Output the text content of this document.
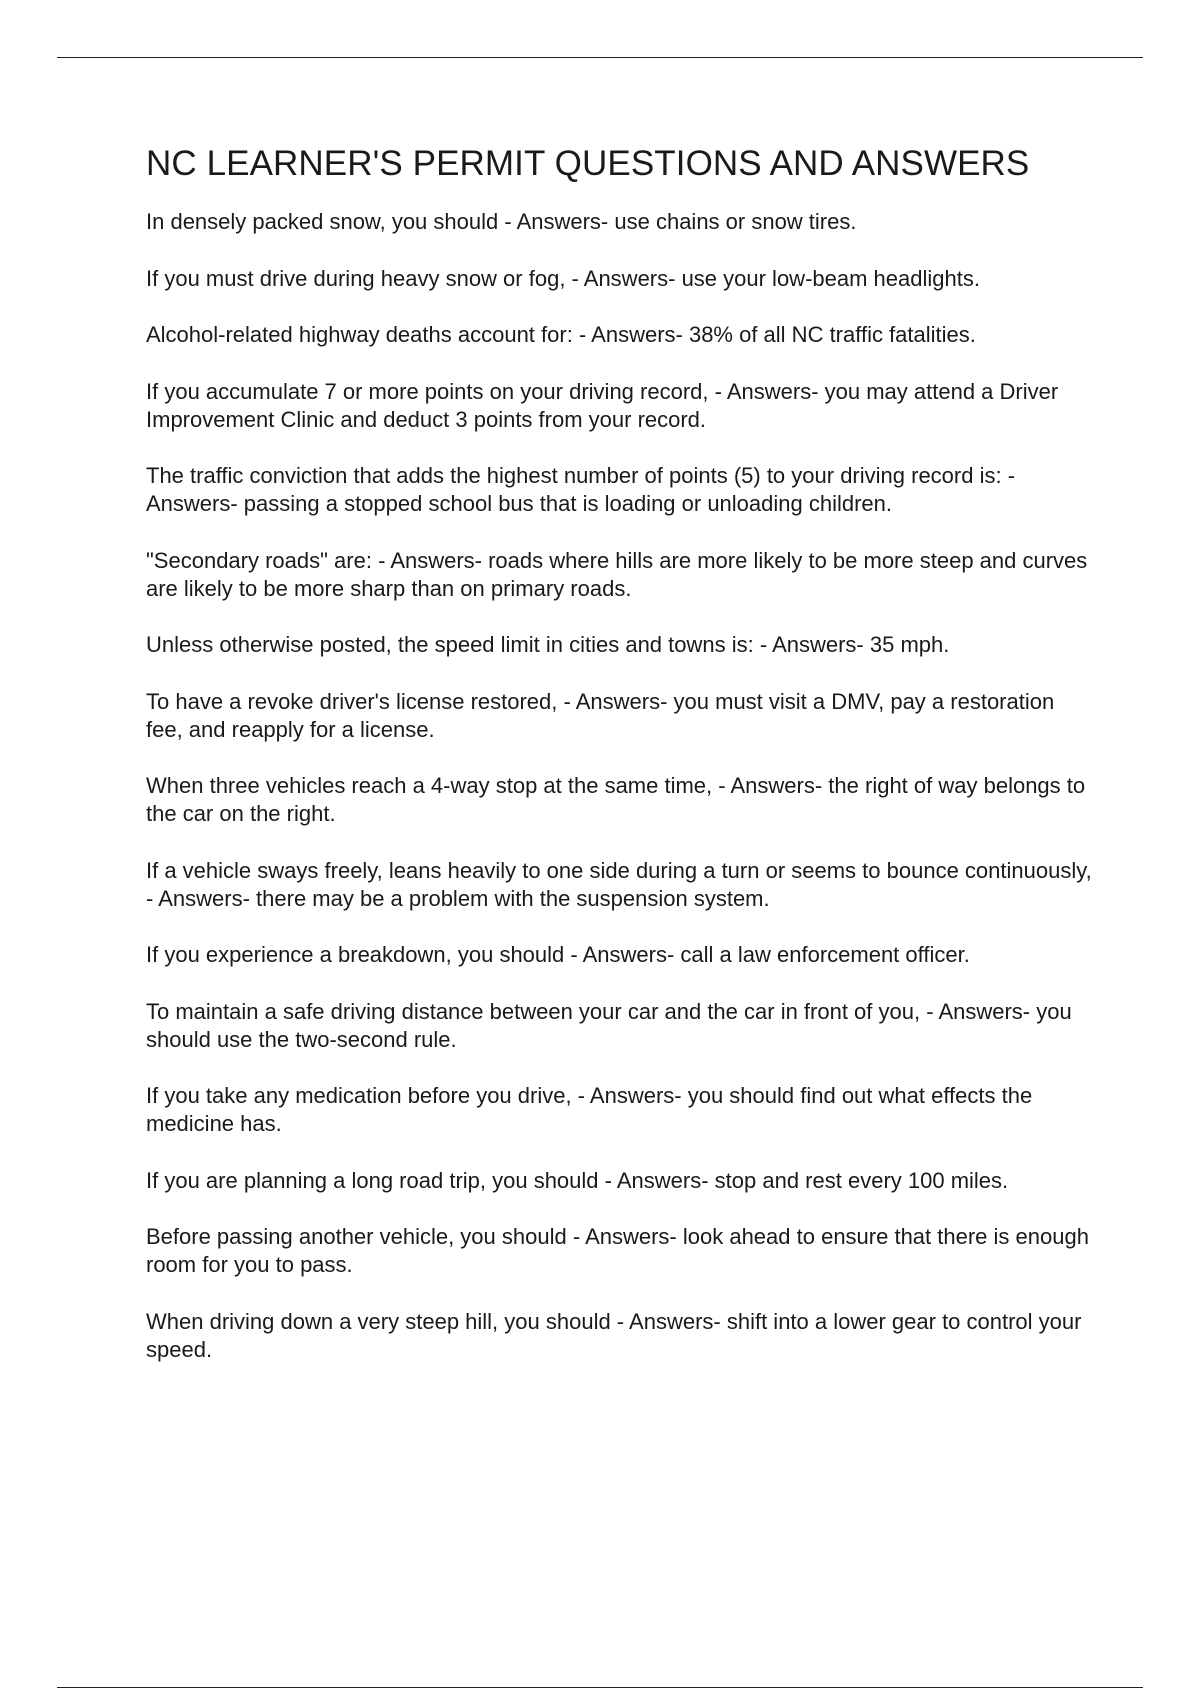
NC LEARNER'S PERMIT QUESTIONS AND ANSWERS
In densely packed snow, you should - Answers- use chains or snow tires.
If you must drive during heavy snow or fog, - Answers- use your low-beam headlights.
Alcohol-related highway deaths account for: - Answers- 38% of all NC traffic fatalities.
If you accumulate 7 or more points on your driving record, - Answers- you may attend a Driver Improvement Clinic and deduct 3 points from your record.
The traffic conviction that adds the highest number of points (5) to your driving record is: - Answers- passing a stopped school bus that is loading or unloading children.
"Secondary roads" are: - Answers- roads where hills are more likely to be more steep and curves are likely to be more sharp than on primary roads.
Unless otherwise posted, the speed limit in cities and towns is: - Answers- 35 mph.
To have a revoke driver's license restored, - Answers- you must visit a DMV, pay a restoration fee, and reapply for a license.
When three vehicles reach a 4-way stop at the same time, - Answers- the right of way belongs to the car on the right.
If a vehicle sways freely, leans heavily to one side during a turn or seems to bounce continuously, - Answers- there may be a problem with the suspension system.
If you experience a breakdown, you should - Answers- call a law enforcement officer.
To maintain a safe driving distance between your car and the car in front of you, - Answers- you should use the two-second rule.
If you take any medication before you drive, - Answers- you should find out what effects the medicine has.
If you are planning a long road trip, you should - Answers- stop and rest every 100 miles.
Before passing another vehicle, you should - Answers- look ahead to ensure that there is enough room for you to pass.
When driving down a very steep hill, you should - Answers- shift into a lower gear to control your speed.
